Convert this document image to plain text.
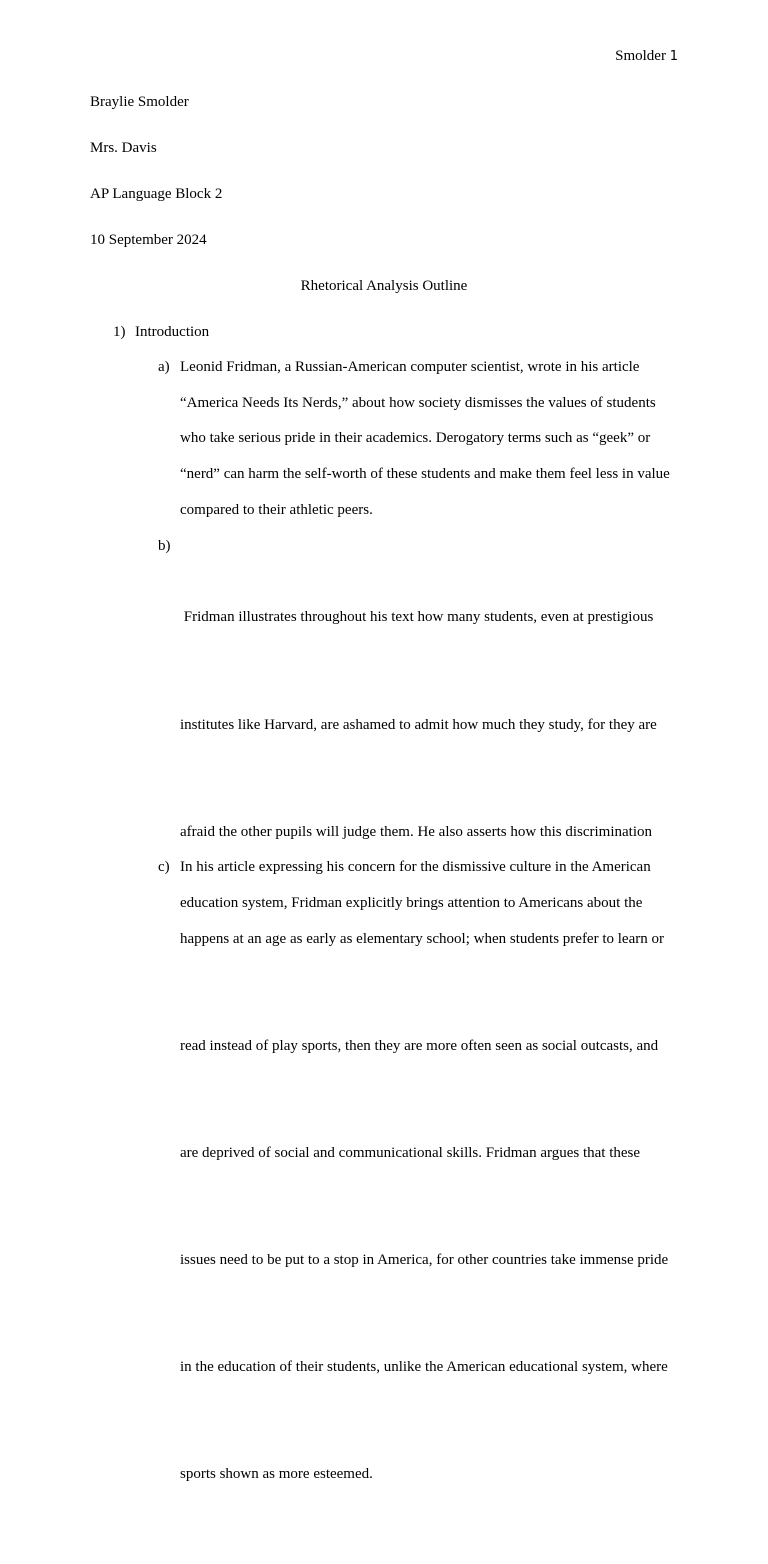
Smolder 1
Braylie Smolder
Mrs. Davis
AP Language Block 2
10 September 2024
Rhetorical Analysis Outline
1) Introduction
a) Leonid Fridman, a Russian-American computer scientist, wrote in his article
“America Needs Its Nerds,” about how society dismisses the values of students
who take serious pride in their academics. Derogatory terms such as “geek” or
“nerd” can harm the self-worth of these students and make them feel less in value
compared to their athletic peers.
b)

Fridman illustrates throughout his text how many students, even at prestigious

institutes like Harvard, are ashamed to admit how much they study, for they are

afraid the other pupils will judge them. He also asserts how this discrimination

happens at an age as early as elementary school; when students prefer to learn or

read instead of play sports, then they are more often seen as social outcasts, and

are deprived of social and communicational skills. Fridman argues that these

issues need to be put to a stop in America, for other countries take immense pride

in the education of their students, unlike the American educational system, where

sports shown as more esteemed.

c) In his article expressing his concern for the dismissive culture in the American
education system, Fridman explicitly brings attention to Americans about the
